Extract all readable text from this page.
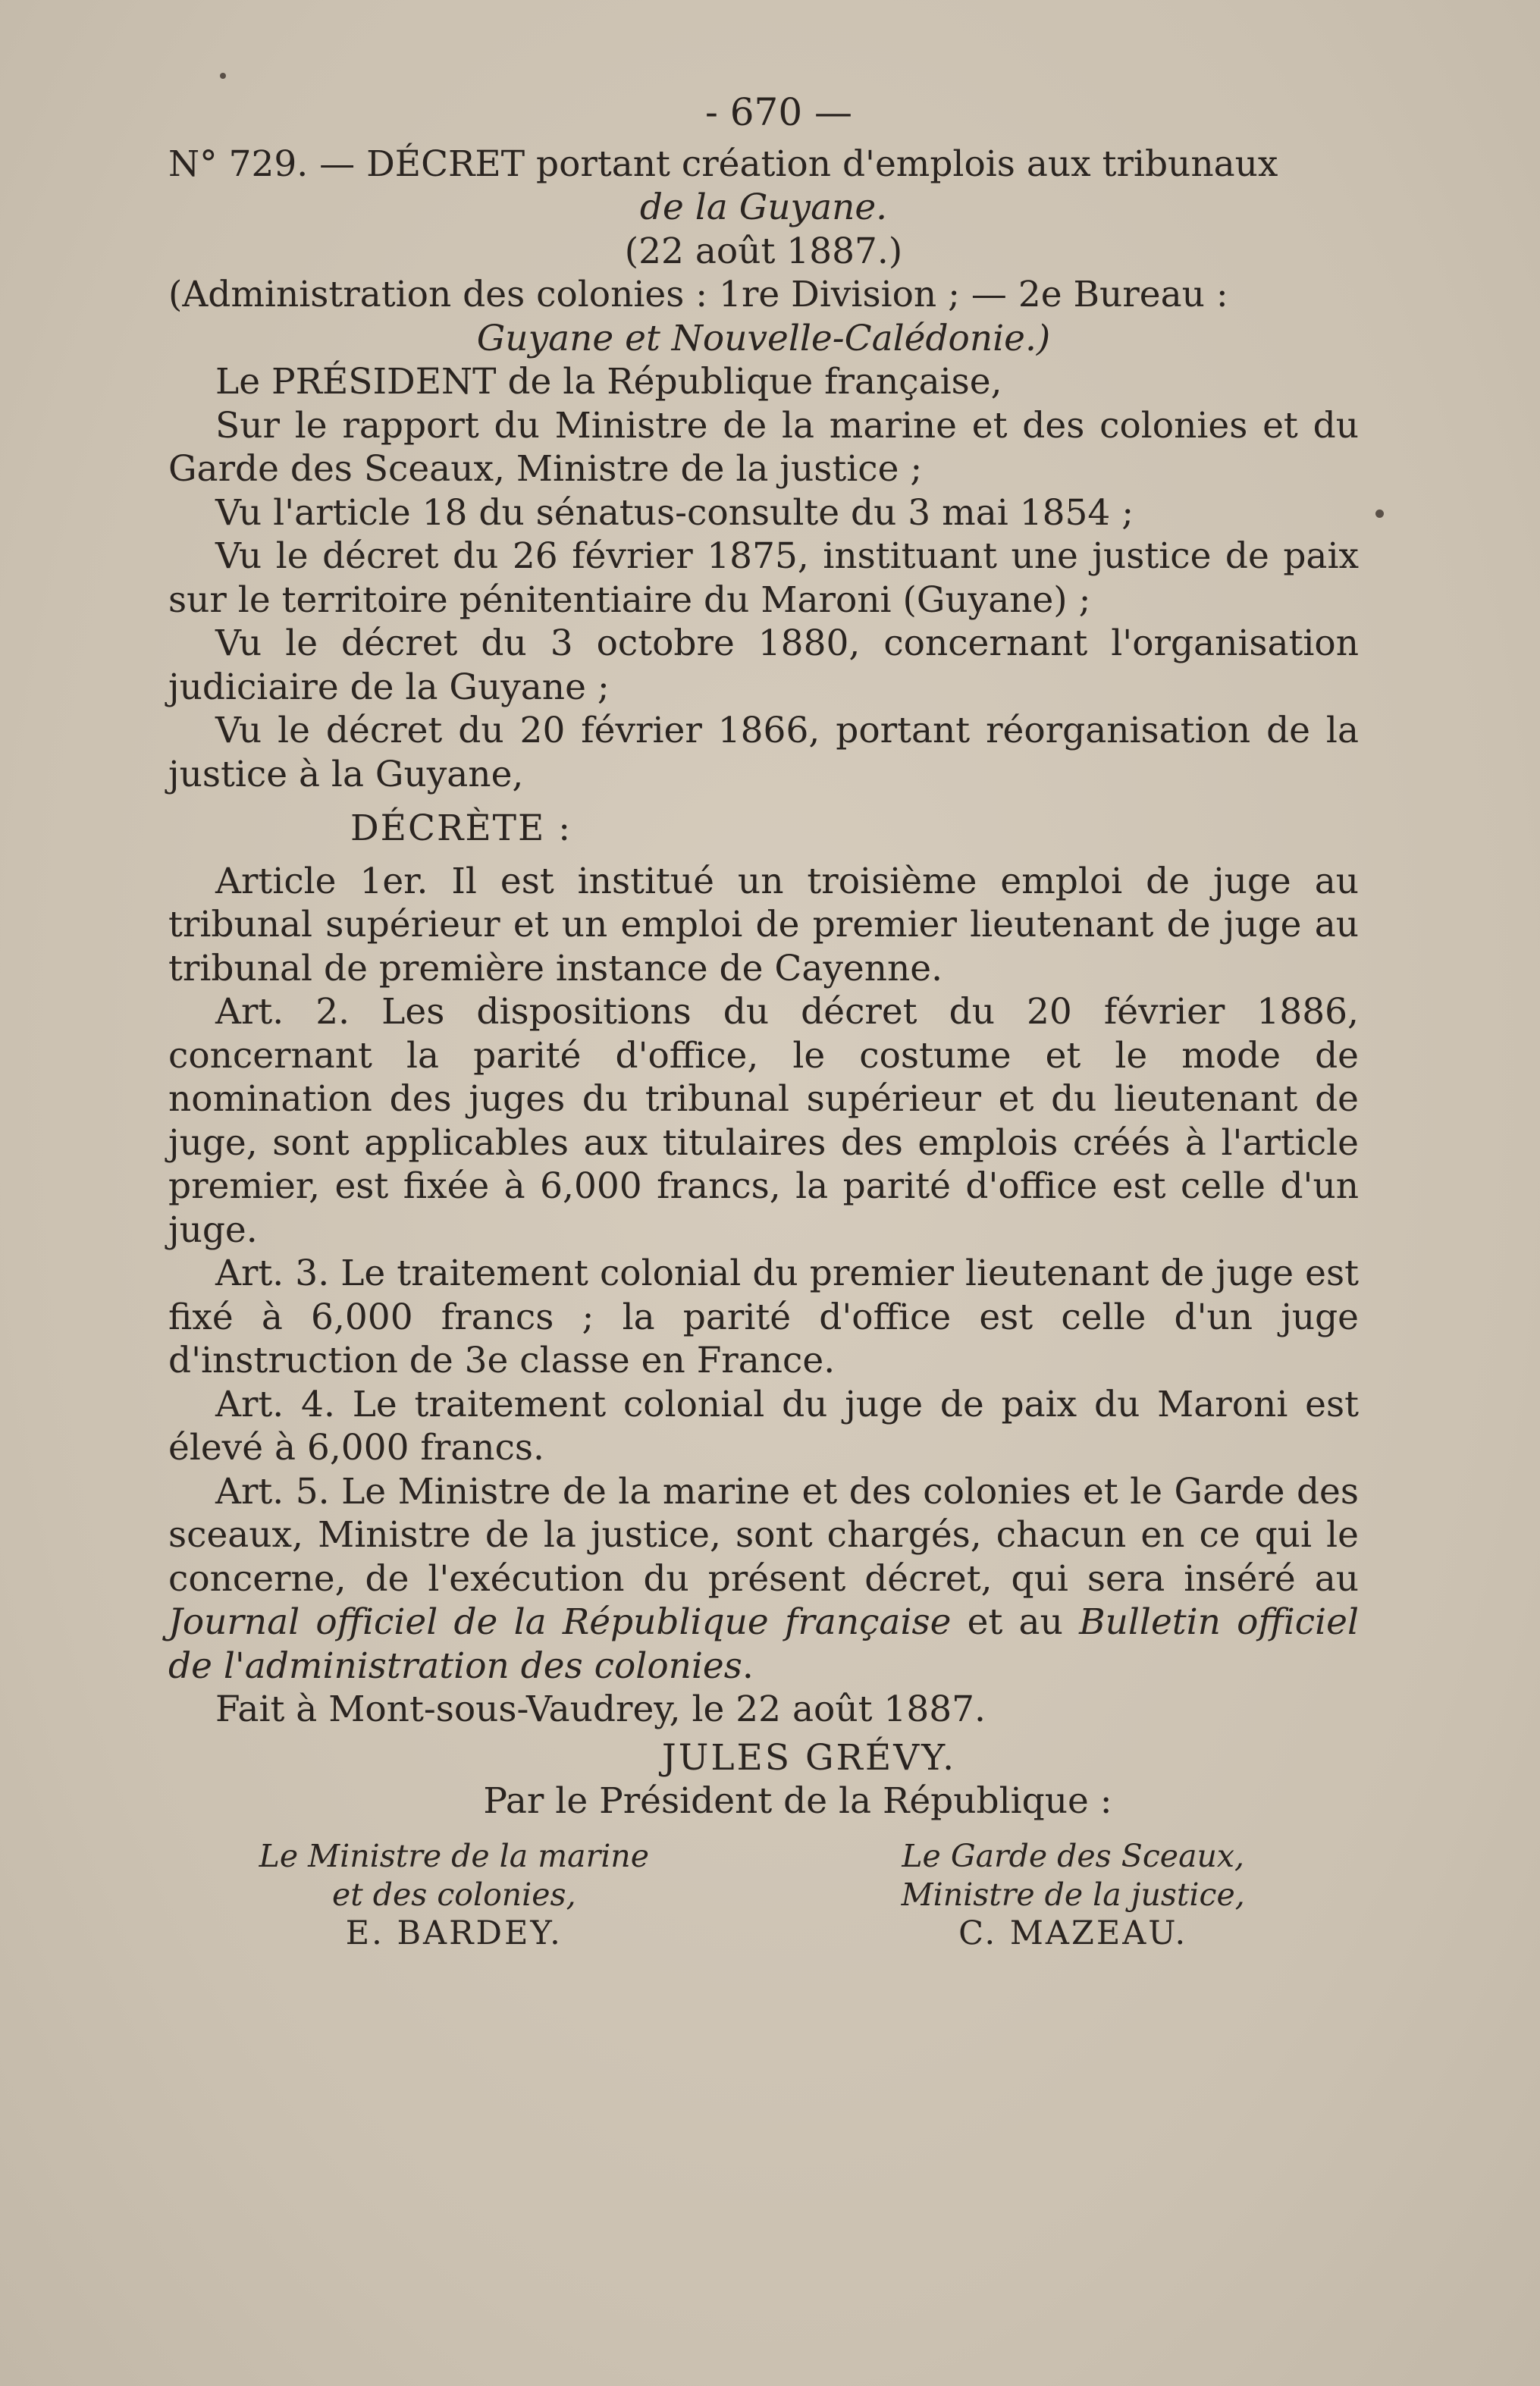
- 670 —

N° 729. — DÉCRET portant création d'emplois aux tribunaux

de la Guyane.
(22 août 1887.)

(Administration des colonies : 1re Division ; — 2e Bureau :

Guyane et Nouvelle-Calédonie.)

Le PRÉSIDENT de la République française,

Sur le rapport du Ministre de la marine et des colonies et du Garde des Sceaux, Ministre de la justice ;

Vu l'article 18 du sénatus-consulte du 3 mai 1854 ;

Vu le décret du 26 février 1875, instituant une justice de paix sur le territoire pénitentiaire du Maroni (Guyane) ;

Vu le décret du 3 octobre 1880, concernant l'organisation judiciaire de la Guyane ;

Vu le décret du 20 février 1866, portant réorganisation de la justice à la Guyane,

DÉCRÈTE :

Article 1er. Il est institué un troisième emploi de juge au tribunal supérieur et un emploi de premier lieutenant de juge au tribunal de première instance de Cayenne.

Art. 2. Les dispositions du décret du 20 février 1886, concernant la parité d'office, le costume et le mode de nomination des juges du tribunal supérieur et du lieutenant de juge, sont applicables aux titulaires des emplois créés à l'article premier, est fixée à 6,000 francs, la parité d'office est celle d'un juge.

Art. 3. Le traitement colonial du premier lieutenant de juge est fixé à 6,000 francs ; la parité d'office est celle d'un juge d'instruction de 3e classe en France.

Art. 4. Le traitement colonial du juge de paix du Maroni est élevé à 6,000 francs.

Art. 5. Le Ministre de la marine et des colonies et le Garde des sceaux, Ministre de la justice, sont chargés, chacun en ce qui le concerne, de l'exécution du présent décret, qui sera inséré au Journal officiel de la République française et au Bulletin officiel de l'administration des colonies.

Fait à Mont-sous-Vaudrey, le 22 août 1887.

JULES GRÉVY.
Par le Président de la République :
Le Ministre de la marine
et des colonies,
E. BARDEY.
Le Garde des Sceaux,
Ministre de la justice,
C. MAZEAU.
